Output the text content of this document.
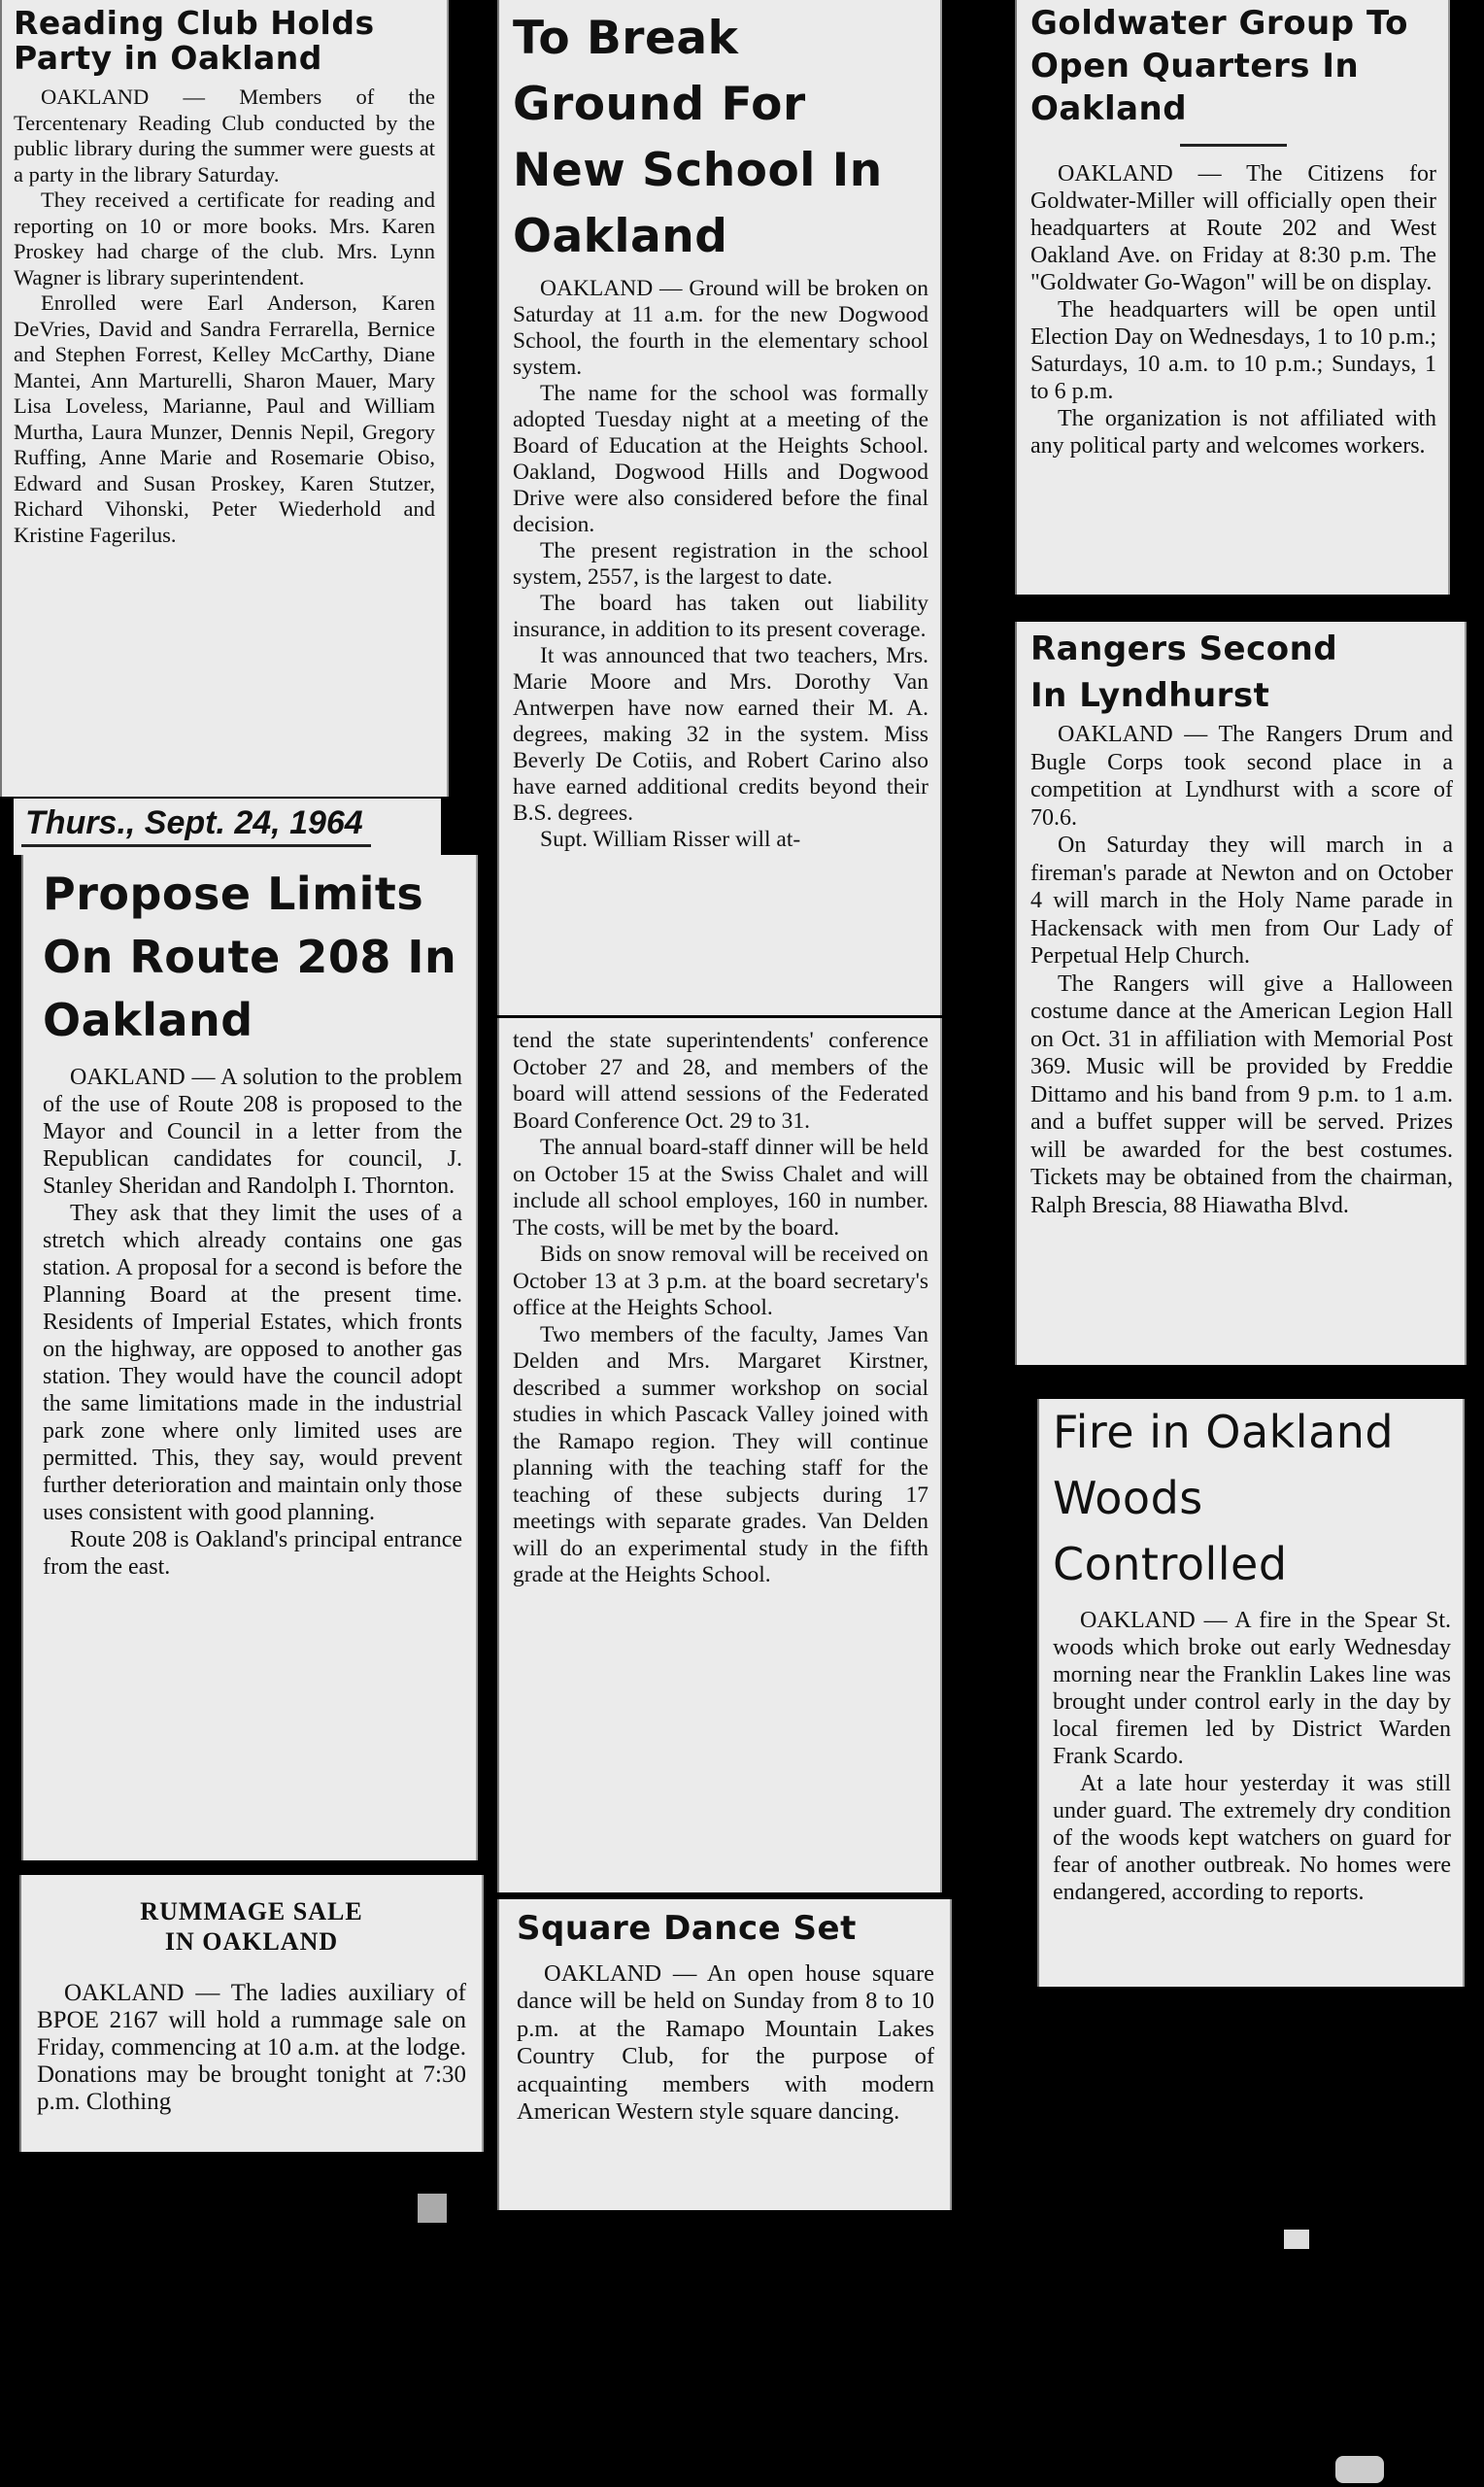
Reading Club Holds Party in Oakland

OAKLAND — Members of the Tercentenary Reading Club conducted by the public library during the summer were guests at a party in the library Saturday.

They received a certificate for reading and reporting on 10 or more books. Mrs. Karen Proskey had charge of the club. Mrs. Lynn Wagner is library superintendent.

Enrolled were Earl Anderson, Karen DeVries, David and Sandra Ferrarella, Bernice and Stephen Forrest, Kelley McCarthy, Diane Mantei, Ann Marturelli, Sharon Mauer, Mary Lisa Loveless, Marianne, Paul and William Murtha, Laura Munzer, Dennis Nepil, Gregory Ruffing, Anne Marie and Rosemarie Obiso, Edward and Susan Proskey, Karen Stutzer, Richard Vihonski, Peter Wiederhold and Kristine Fagerilus.

Thurs., Sept. 24, 1964
Propose Limits On Route 208 In Oakland

OAKLAND — A solution to the problem of the use of Route 208 is proposed to the Mayor and Council in a letter from the Republican candidates for council, J. Stanley Sheridan and Randolph I. Thornton.

They ask that they limit the uses of a stretch which already contains one gas station. A proposal for a second is before the Planning Board at the present time. Residents of Imperial Estates, which fronts on the highway, are opposed to another gas station. They would have the council adopt the same limitations made in the industrial park zone where only limited uses are permitted. This, they say, would prevent further deterioration and maintain only those uses consistent with good planning.

Route 208 is Oakland's principal entrance from the east.

RUMMAGE SALE IN OAKLAND

OAKLAND — The ladies auxiliary of BPOE 2167 will hold a rummage sale on Friday, commencing at 10 a.m. at the lodge. Donations may be brought tonight at 7:30 p.m. Clothing

To Break Ground For New School In Oakland

OAKLAND — Ground will be broken on Saturday at 11 a.m. for the new Dogwood School, the fourth in the elementary school system.

The name for the school was formally adopted Tuesday night at a meeting of the Board of Education at the Heights School. Oakland, Dogwood Hills and Dogwood Drive were also considered before the final decision.

The present registration in the school system, 2557, is the largest to date.

The board has taken out liability insurance, in addition to its present coverage.

It was announced that two teachers, Mrs. Marie Moore and Mrs. Dorothy Van Antwerpen have now earned their M. A. degrees, making 32 in the system. Miss Beverly De Cotiis, and Robert Carino also have earned additional credits beyond their B.S. degrees.

Supt. William Risser will at-

tend the state superintendents' conference October 27 and 28, and members of the board will attend sessions of the Federated Board Conference Oct. 29 to 31.

The annual board-staff dinner will be held on October 15 at the Swiss Chalet and will include all school employes, 160 in number. The costs, will be met by the board.

Bids on snow removal will be received on October 13 at 3 p.m. at the board secretary's office at the Heights School.

Two members of the faculty, James Van Delden and Mrs. Margaret Kirstner, described a summer workshop on social studies in which Pascack Valley joined with the Ramapo region. They will continue planning with the teaching staff for the teaching of these subjects during 17 meetings with separate grades. Van Delden will do an experimental study in the fifth grade at the Heights School.

Square Dance Set

OAKLAND — An open house square dance will be held on Sunday from 8 to 10 p.m. at the Ramapo Mountain Lakes Country Club, for the purpose of acquainting members with modern American Western style square dancing.

Goldwater Group To Open Quarters In Oakland

OAKLAND — The Citizens for Goldwater-Miller will officially open their headquarters at Route 202 and West Oakland Ave. on Friday at 8:30 p.m. The "Goldwater Go-Wagon" will be on display.

The headquarters will be open until Election Day on Wednesdays, 1 to 10 p.m.; Saturdays, 10 a.m. to 10 p.m.; Sundays, 1 to 6 p.m.

The organization is not affiliated with any political party and welcomes workers.

Rangers Second In Lyndhurst

OAKLAND — The Rangers Drum and Bugle Corps took second place in a competition at Lyndhurst with a score of 70.6.

On Saturday they will march in a fireman's parade at Newton and on October 4 will march in the Holy Name parade in Hackensack with men from Our Lady of Perpetual Help Church.

The Rangers will give a Halloween costume dance at the American Legion Hall on Oct. 31 in affiliation with Memorial Post 369. Music will be provided by Freddie Dittamo and his band from 9 p.m. to 1 a.m. and a buffet supper will be served. Prizes will be awarded for the best costumes. Tickets may be obtained from the chairman, Ralph Brescia, 88 Hiawatha Blvd.

Fire in Oakland Woods Controlled

OAKLAND — A fire in the Spear St. woods which broke out early Wednesday morning near the Franklin Lakes line was brought under control early in the day by local firemen led by District Warden Frank Scardo.

At a late hour yesterday it was still under guard. The extremely dry condition of the woods kept watchers on guard for fear of another outbreak. No homes were endangered, according to reports.
